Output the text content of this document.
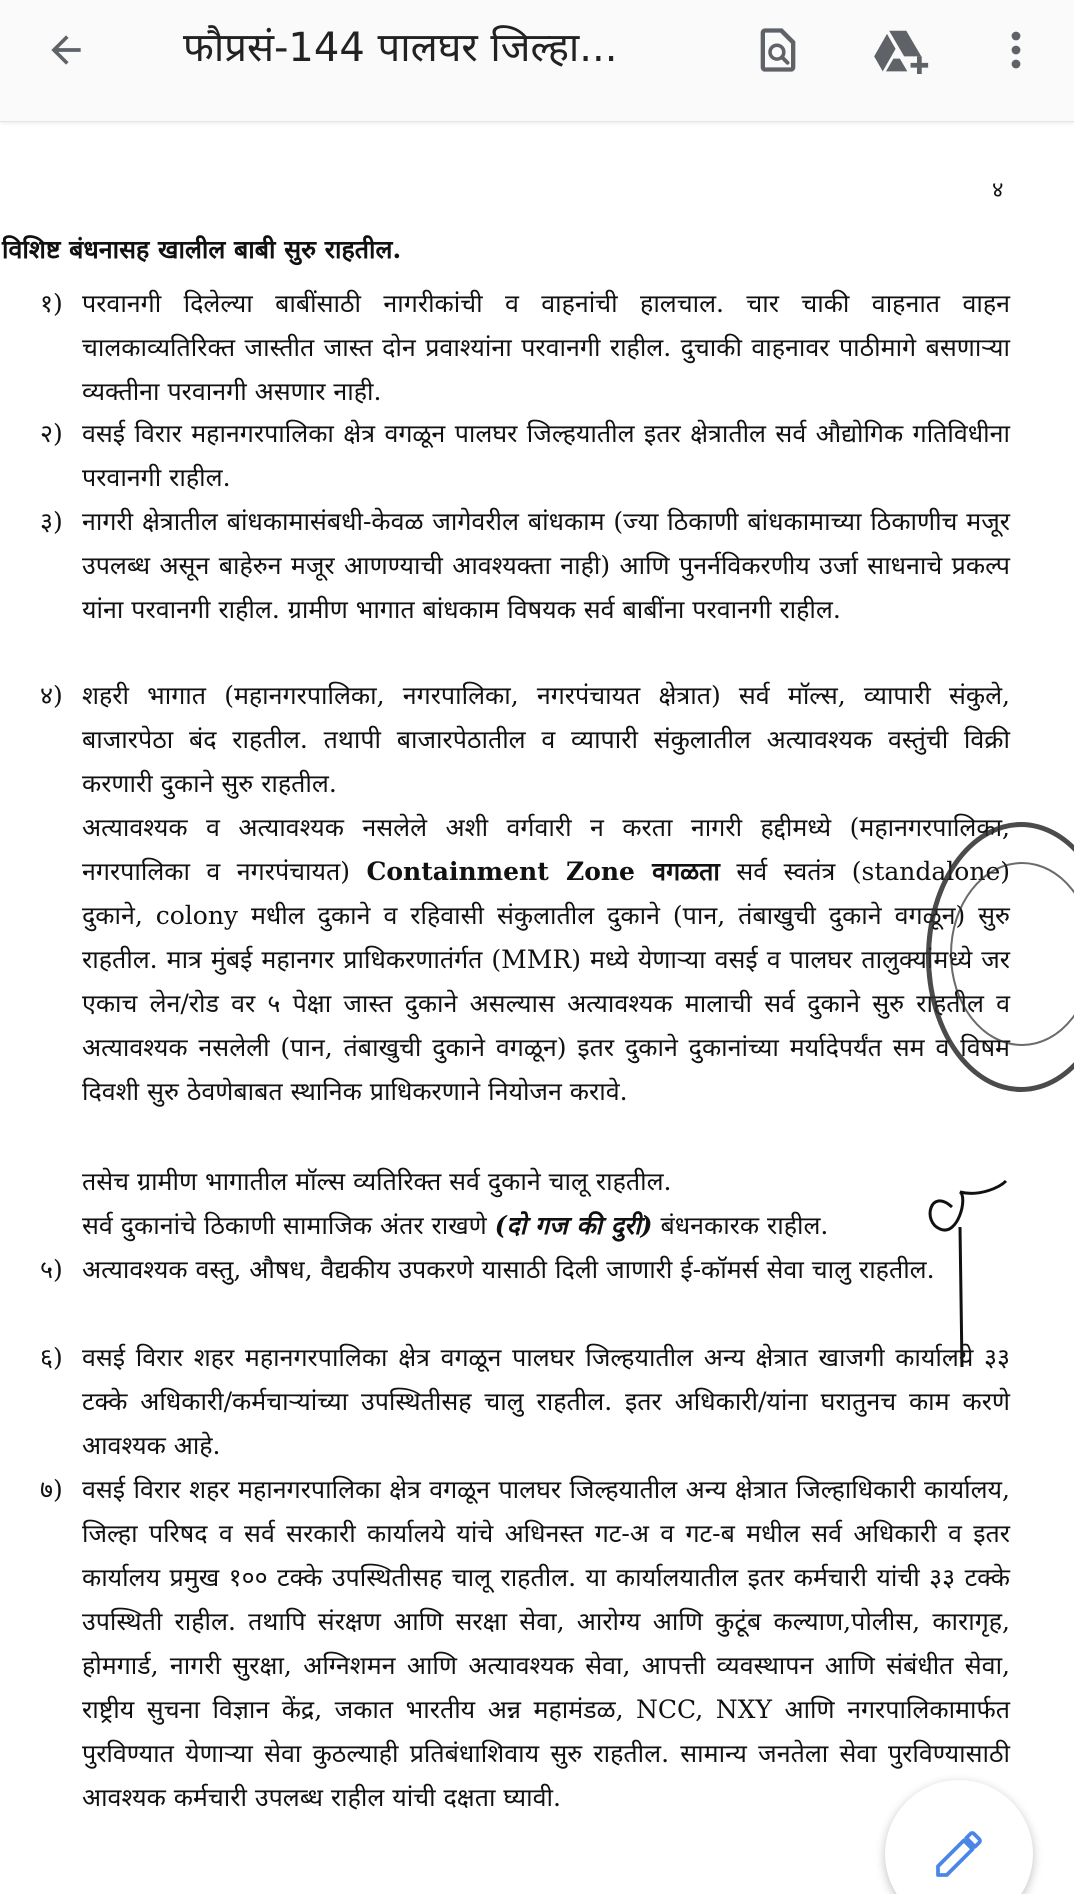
फौप्रसं-144 पालघर जिल्हा...
४
विशिष्ट बंधनासह खालील बाबी सुरु राहतील.
१) परवानगी दिलेल्या बाबींसाठी नागरीकांची व वाहनांची हालचाल. चार चाकी वाहनात वाहन चालकाव्यतिरिक्त जास्तीत जास्त दोन प्रवाश्यांना परवानगी राहील. दुचाकी वाहनावर पाठीमागे बसणाऱ्या व्यक्तीना परवानगी असणार नाही.
२) वसई विरार महानगरपालिका क्षेत्र वगळून पालघर जिल्हयातील इतर क्षेत्रातील सर्व औद्योगिक गतिविधीना परवानगी राहील.
३) नागरी क्षेत्रातील बांधकामासंबधी-केवळ जागेवरील बांधकाम (ज्या ठिकाणी बांधकामाच्या ठिकाणीच मजूर उपलब्ध असून बाहेरुन मजूर आणण्याची आवश्यक्ता नाही) आणि पुनर्नविकरणीय उर्जा साधनाचे प्रकल्प यांना परवानगी राहील. ग्रामीण भागात बांधकाम विषयक सर्व बाबींना परवानगी राहील.
४) शहरी भागात (महानगरपालिका, नगरपालिका, नगरपंचायत क्षेत्रात) सर्व मॉल्स, व्यापारी संकुले, बाजारपेठा बंद राहतील. तथापी बाजारपेठातील व व्यापारी संकुलातील अत्यावश्यक वस्तुंची विक्री करणारी दुकाने सुरु राहतील.
अत्यावश्यक व अत्यावश्यक नसलेले अशी वर्गवारी न करता नागरी हद्दीमध्ये (महानगरपालिका, नगरपालिका व नगरपंचायत) Containment Zone वगळता सर्व स्वतंत्र (standalone) दुकाने, colony मधील दुकाने व रहिवासी संकुलातील दुकाने (पान, तंबाखुची दुकाने वगळून) सुरु राहतील. मात्र मुंबई महानगर प्राधिकरणातंर्गत (MMR) मध्ये येणाऱ्या वसई व पालघर तालुक्यांमध्ये जर एकाच लेन/रोड वर ५ पेक्षा जास्त दुकाने असल्यास अत्यावश्यक मालाची सर्व दुकाने सुरु राहतील व अत्यावश्यक नसलेली (पान, तंबाखुची दुकाने वगळून) इतर दुकाने दुकानांच्या मर्यादेपर्यंत सम व विषम दिवशी सुरु ठेवणेबाबत स्थानिक प्राधिकरणाने नियोजन करावे.
तसेच ग्रामीण भागातील मॉल्स व्यतिरिक्त सर्व दुकाने चालू राहतील.
सर्व दुकानांचे ठिकाणी सामाजिक अंतर राखणे (दो गज की दुरी) बंधनकारक राहील.
५) अत्यावश्यक वस्तु, औषध, वैद्यकीय उपकरणे यासाठी दिली जाणारी ई-कॉमर्स सेवा चालु राहतील.
६) वसई विरार शहर महानगरपालिका क्षेत्र वगळून पालघर जिल्हयातील अन्य क्षेत्रात खाजगी कार्यालये ३३ टक्के अधिकारी/कर्मचाऱ्यांच्या उपस्थितीसह चालु राहतील. इतर अधिकारी/यांना घरातुनच काम करणे आवश्यक आहे.
७) वसई विरार शहर महानगरपालिका क्षेत्र वगळून पालघर जिल्हयातील अन्य क्षेत्रात जिल्हाधिकारी कार्यालय, जिल्हा परिषद व सर्व सरकारी कार्यालये यांचे अधिनस्त गट-अ व गट-ब मधील सर्व अधिकारी व इतर कार्यालय प्रमुख १०० टक्के उपस्थितीसह चालू राहतील. या कार्यालयातील इतर कर्मचारी यांची ३३ टक्के उपस्थिती राहील. तथापि संरक्षण आणि सरक्षा सेवा, आरोग्य आणि कुटूंब कल्याण,पोलीस, कारागृह, होमगार्ड, नागरी सुरक्षा, अग्निशमन आणि अत्यावश्यक सेवा, आपत्ती व्यवस्थापन आणि संबंधीत सेवा, राष्ट्रीय सुचना विज्ञान केंद्र, जकात भारतीय अन्न महामंडळ, NCC, NXY आणि नगरपालिकामार्फत पुरविण्यात येणाऱ्या सेवा कुठल्याही प्रतिबंधाशिवाय सुरु राहतील. सामान्य जनतेला सेवा पुरविण्यासाठी आवश्यक कर्मचारी उपलब्ध राहील यांची दक्षता घ्यावी.
